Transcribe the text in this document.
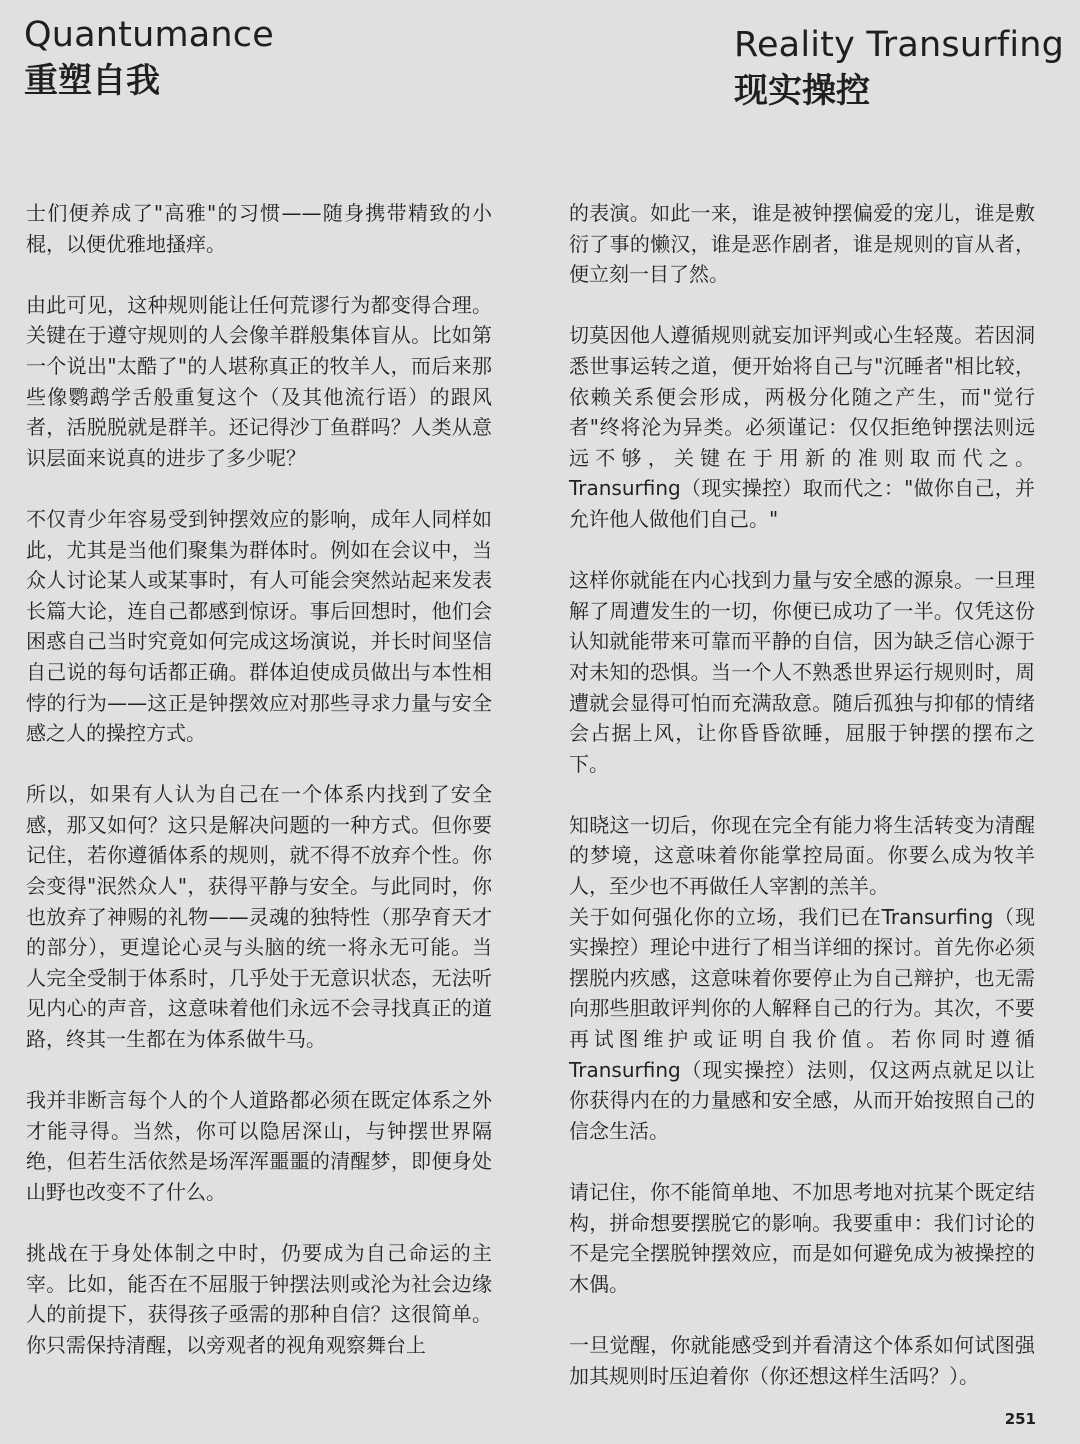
Quantumance
重塑自我
Reality Transurfing
现实操控

士们便养成了"高雅"的习惯——随身携带精致的小棍，以便优雅地搔痒。

由此可见，这种规则能让任何荒谬行为都变得合理。关键在于遵守规则的人会像羊群般集体盲从。比如第一个说出"太酷了"的人堪称真正的牧羊人，而后来那些像鹦鹉学舌般重复这个（及其他流行语）的跟风者，活脱脱就是群羊。还记得沙丁鱼群吗？人类从意识层面来说真的进步了多少呢？

不仅青少年容易受到钟摆效应的影响，成年人同样如此，尤其是当他们聚集为群体时。例如在会议中，当众人讨论某人或某事时，有人可能会突然站起来发表长篇大论，连自己都感到惊讶。事后回想时，他们会困惑自己当时究竟如何完成这场演说，并长时间坚信自己说的每句话都正确。群体迫使成员做出与本性相悖的行为——这正是钟摆效应对那些寻求力量与安全感之人的操控方式。

所以，如果有人认为自己在一个体系内找到了安全感，那又如何？这只是解决问题的一种方式。但你要记住，若你遵循体系的规则，就不得不放弃个性。你会变得"泯然众人"，获得平静与安全。与此同时，你也放弃了神赐的礼物——灵魂的独特性（那孕育天才的部分），更遑论心灵与头脑的统一将永无可能。当人完全受制于体系时，几乎处于无意识状态，无法听见内心的声音，这意味着他们永远不会寻找真正的道路，终其一生都在为体系做牛马。

我并非断言每个人的个人道路都必须在既定体系之外才能寻得。当然，你可以隐居深山，与钟摆世界隔绝，但若生活依然是场浑浑噩噩的清醒梦，即便身处山野也改变不了什么。

挑战在于身处体制之中时，仍要成为自己命运的主宰。比如，能否在不屈服于钟摆法则或沦为社会边缘人的前提下，获得孩子亟需的那种自信？这很简单。你只需保持清醒，以旁观者的视角观察舞台上

的表演。如此一来，谁是被钟摆偏爱的宠儿，谁是敷衍了事的懒汉，谁是恶作剧者，谁是规则的盲从者，便立刻一目了然。

切莫因他人遵循规则就妄加评判或心生轻蔑。若因洞悉世事运转之道，便开始将自己与"沉睡者"相比较，依赖关系便会形成，两极分化随之产生，而"觉行者"终将沦为异类。必须谨记：仅仅拒绝钟摆法则远远不够，关键在于用新的准则取而代之。Transurfing（现实操控）取而代之："做你自己，并允许他人做他们自己。"

这样你就能在内心找到力量与安全感的源泉。一旦理解了周遭发生的一切，你便已成功了一半。仅凭这份认知就能带来可靠而平静的自信，因为缺乏信心源于对未知的恐惧。当一个人不熟悉世界运行规则时，周遭就会显得可怕而充满敌意。随后孤独与抑郁的情绪会占据上风，让你昏昏欲睡，屈服于钟摆的摆布之下。

知晓这一切后，你现在完全有能力将生活转变为清醒的梦境，这意味着你能掌控局面。你要么成为牧羊人，至少也不再做任人宰割的羔羊。

关于如何强化你的立场，我们已在Transurfing（现实操控）理论中进行了相当详细的探讨。首先你必须摆脱内疚感，这意味着你要停止为自己辩护，也无需向那些胆敢评判你的人解释自己的行为。其次，不要再试图维护或证明自我价值。若你同时遵循Transurfing（现实操控）法则，仅这两点就足以让你获得内在的力量感和安全感，从而开始按照自己的信念生活。

请记住，你不能简单地、不加思考地对抗某个既定结构，拼命想要摆脱它的影响。我要重申：我们讨论的不是完全摆脱钟摆效应，而是如何避免成为被操控的木偶。

一旦觉醒，你就能感受到并看清这个体系如何试图强加其规则时压迫着你（你还想这样生活吗？）。

251
